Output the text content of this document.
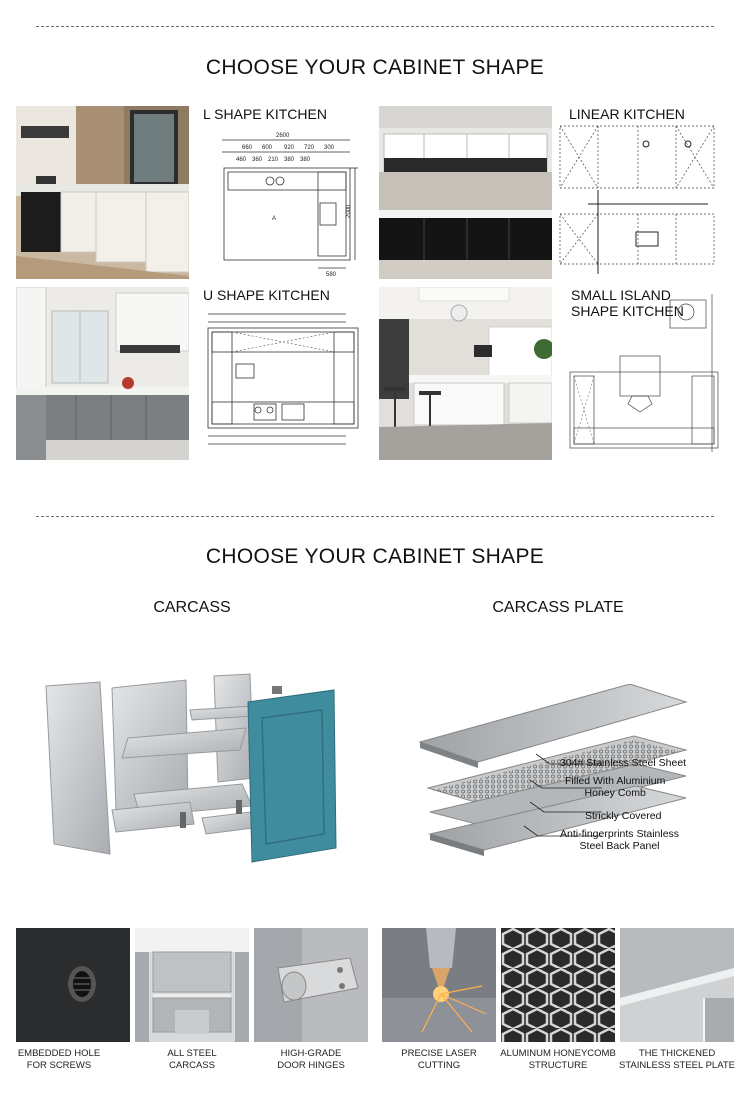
CHOOSE YOUR CABINET SHAPE
L SHAPE KITCHEN
2600
660 600 920 720 300
460 360 210 380 380
2000
580
A
LINEAR KITCHEN
U SHAPE KITCHEN	SMALL ISLAND
SHAPE KITCHEN
CHOOSE YOUR CABINET SHAPE
CARCASS	CARCASS PLATE
304# Stainless Steel Sheet
Filled With Aluminium
Honey Comb
Strickly Covered
Anti-fingerprints Stainless
Steel Back Panel
EMBEDDED HOLE
FOR SCREWS
ALL STEEL
CARCASS
HIGH-GRADE
DOOR HINGES
PRECISE LASER
CUTTING
ALUMINUM HONEYCOMB
STRUCTURE
THE THICKENED
STAINLESS STEEL PLATE
